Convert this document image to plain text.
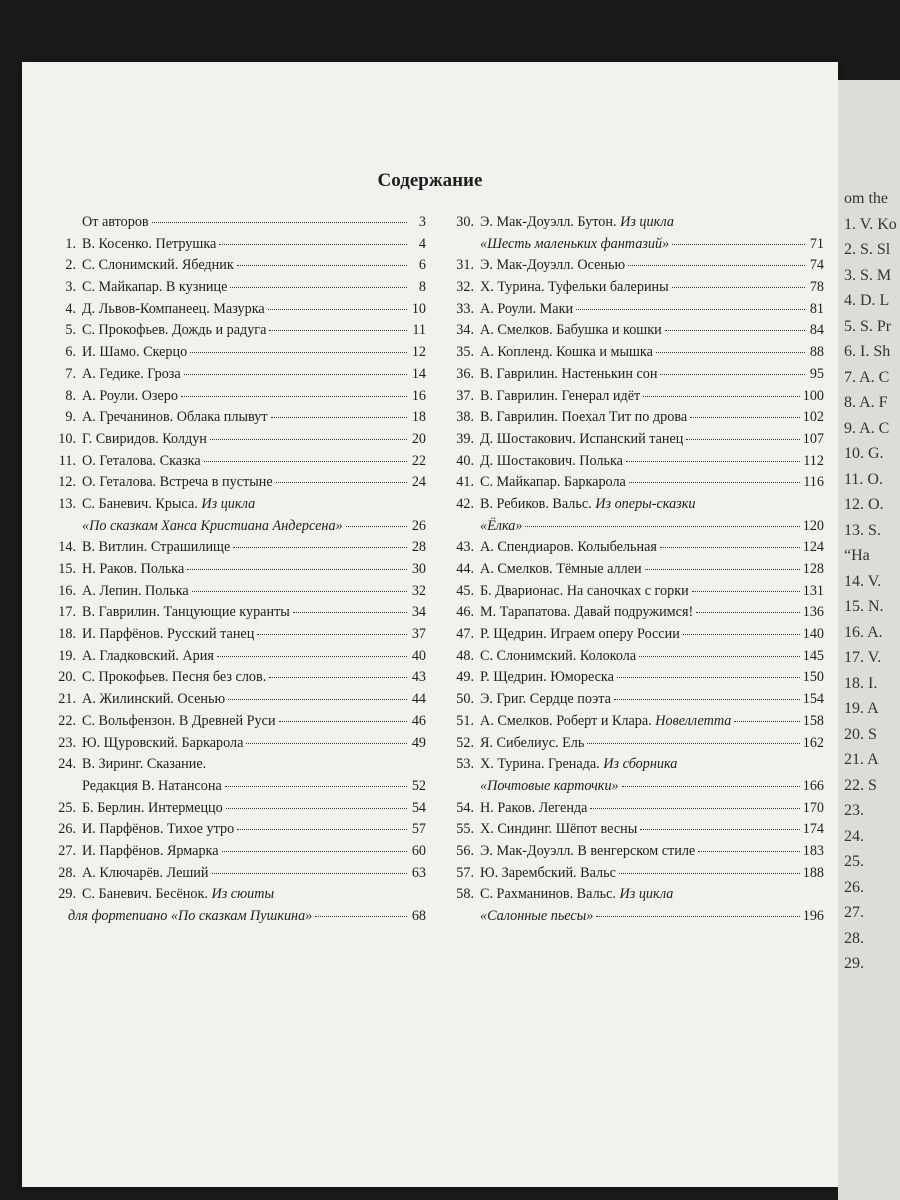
Содержание
От авторов	3
1. В. Косенко. Петрушка	4
2. С. Слонимский. Ябедник	6
3. С. Майкапар. В кузнице	8
4. Д. Львов-Компанеец. Мазурка	10
5. С. Прокофьев. Дождь и радуга	11
6. И. Шамо. Скерцо	12
7. А. Гедике. Гроза	14
8. А. Роули. Озеро	16
9. А. Гречанинов. Облака плывут	18
10. Г. Свиридов. Колдун	20
11. О. Геталова. Сказка	22
12. О. Геталова. Встреча в пустыне	24
13. С. Баневич. Крыса. Из цикла
«По сказкам Ханса Кристиана Андерсена»	26
14. В. Витлин. Страшилище	28
15. Н. Раков. Полька	30
16. А. Лепин. Полька	32
17. В. Гаврилин. Танцующие куранты	34
18. И. Парфёнов. Русский танец	37
19. А. Гладковский. Ария	40
20. С. Прокофьев. Песня без слов.	43
21. А. Жилинский. Осенью	44
22. С. Вольфензон. В Древней Руси	46
23. Ю. Щуровский. Баркарола	49
24. В. Зиринг. Сказание.
Редакция В. Натансона	52
25. Б. Берлин. Интермеццо	54
26. И. Парфёнов. Тихое утро	57
27. И. Парфёнов. Ярмарка	60
28. А. Ключарёв. Леший	63
29. С. Баневич. Бесёнок. Из сюиты
для фортепиано «По сказкам Пушкина»	68
30. Э. Мак-Доуэлл. Бутон. Из цикла
«Шесть маленьких фантазий»	71
31. Э. Мак-Доуэлл. Осенью	74
32. Х. Турина. Туфельки балерины	78
33. А. Роули. Маки	81
34. А. Смелков. Бабушка и кошки	84
35. А. Копленд. Кошка и мышка	88
36. В. Гаврилин. Настенькин сон	95
37. В. Гаврилин. Генерал идёт	100
38. В. Гаврилин. Поехал Тит по дрова	102
39. Д. Шостакович. Испанский танец	107
40. Д. Шостакович. Полька	112
41. С. Майкапар. Баркарола	116
42. В. Ребиков. Вальс. Из оперы-сказки
«Ёлка»	120
43. А. Спендиаров. Колыбельная	124
44. А. Смелков. Тёмные аллеи	128
45. Б. Дварионас. На саночках с горки	131
46. М. Тарапатова. Давай подружимся!	136
47. Р. Щедрин. Играем оперу России	140
48. С. Слонимский. Колокола	145
49. Р. Щедрин. Юмореска	150
50. Э. Григ. Сердце поэта	154
51. А. Смелков. Роберт и Клара. Новеллетта	158
52. Я. Сибелиус. Ель	162
53. Х. Турина. Гренада. Из сборника
«Почтовые карточки»	166
54. Н. Раков. Легенда	170
55. Х. Синдинг. Шёпот весны	174
56. Э. Мак-Доуэлл. В венгерском стиле	183
57. Ю. Зарембский. Вальс	188
58. С. Рахманинов. Вальс. Из цикла
«Салонные пьесы»	196
om the
1. V. Ko
2. S. Sl
3. S. M
4. D. L
5. S. Pr
6. I. Sh
7. A. C
8. A. F
9. A. C
10. G.
11. O.
12. O.
13. S.
“Ha
14. V.
15. N.
16. A.
17. V.
18. I.
19. A
20. S
21. A
22. S
23.
24.
25.
26.
27.
28.
29.
